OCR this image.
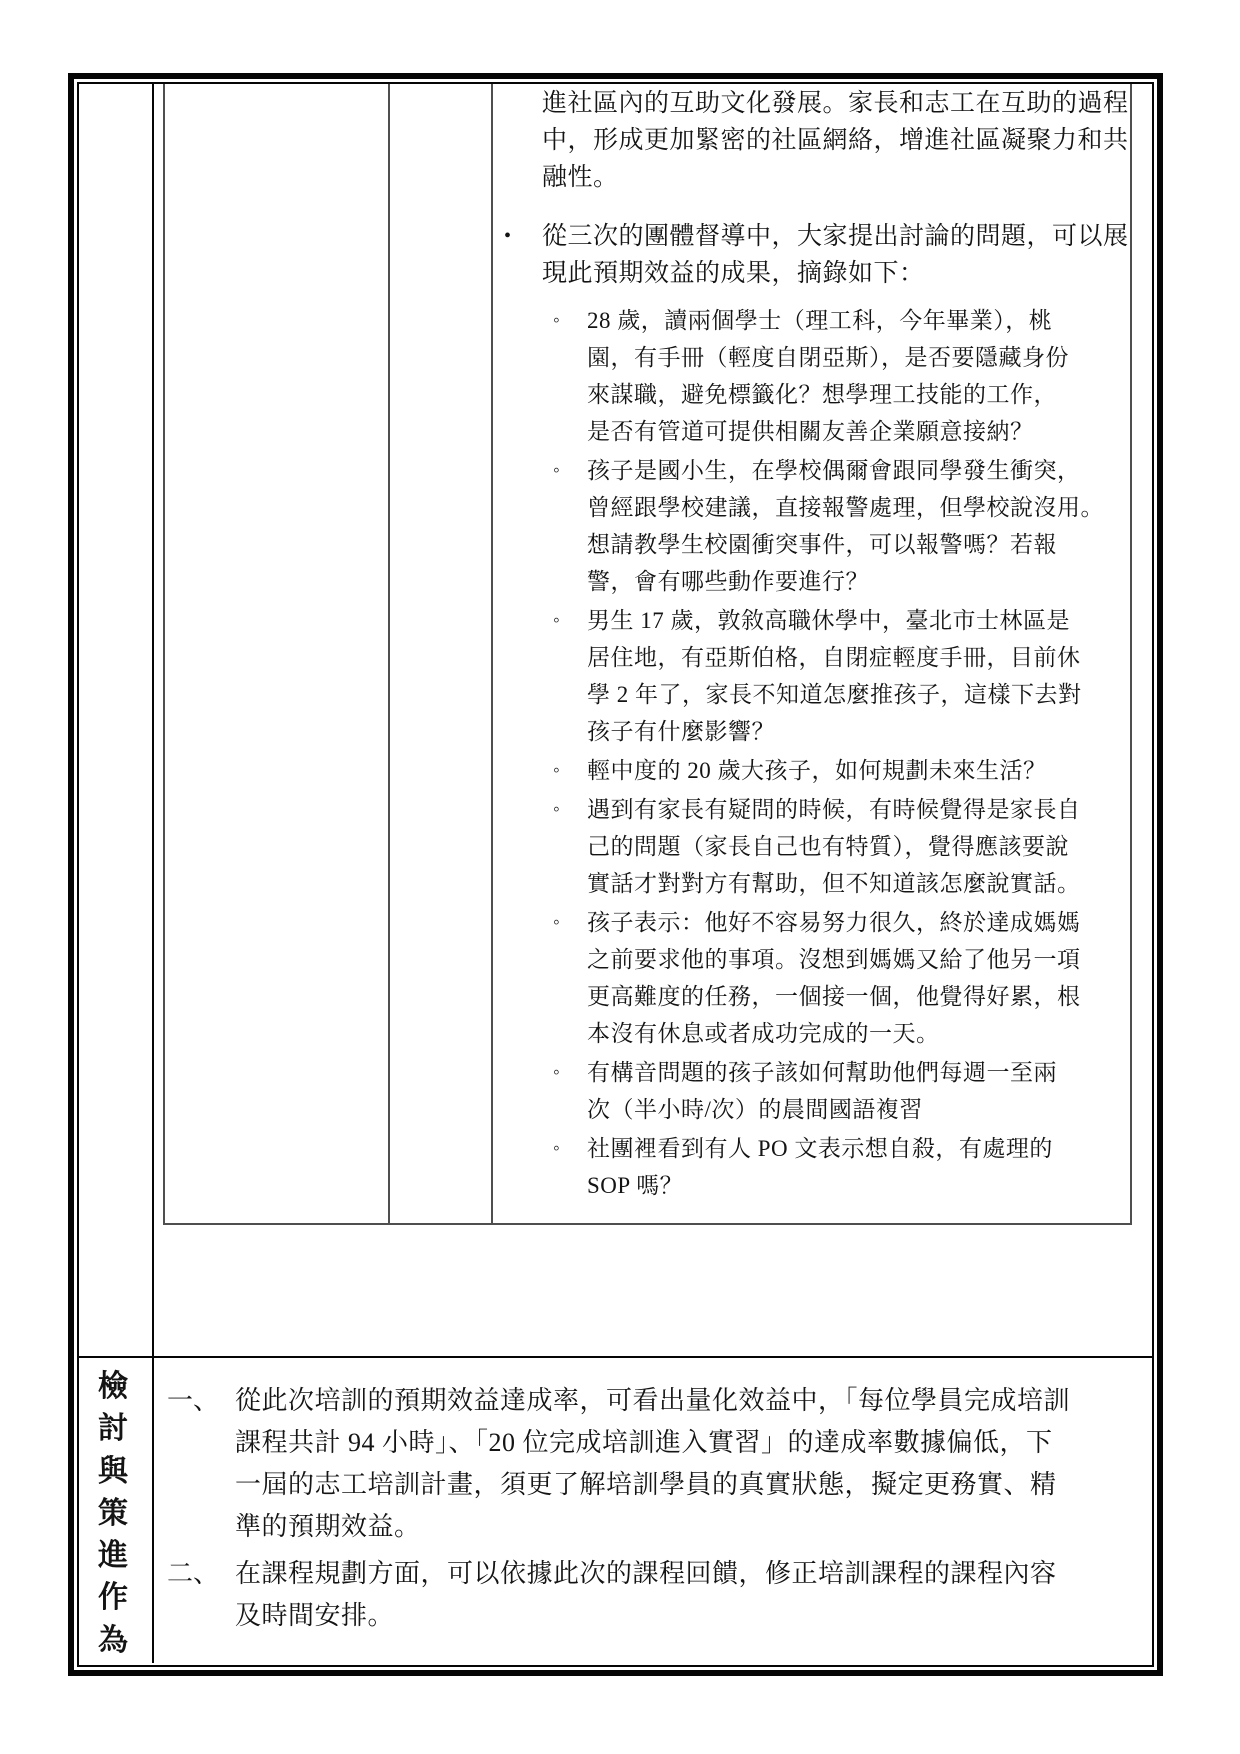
進社區內的互助文化發展。家長和志工在互助的過程
中，形成更加緊密的社區網絡，增進社區凝聚力和共
融性。
• 從三次的團體督導中，大家提出討論的問題，可以展
現此預期效益的成果，摘錄如下：
◦ 28 歲，讀兩個學士（理工科，今年畢業），桃
園，有手冊（輕度自閉亞斯），是否要隱藏身份
來謀職，避免標籤化？想學理工技能的工作，
是否有管道可提供相關友善企業願意接納？
◦ 孩子是國小生，在學校偶爾會跟同學發生衝突，
曾經跟學校建議，直接報警處理，但學校說沒用。
想請教學生校園衝突事件，可以報警嗎？若報
警，會有哪些動作要進行？
◦ 男生 17 歲，敦敘高職休學中，臺北市士林區是
居住地，有亞斯伯格，自閉症輕度手冊，目前休
學 2 年了，家長不知道怎麼推孩子，這樣下去對
孩子有什麼影響？
◦ 輕中度的 20 歲大孩子，如何規劃未來生活？
◦ 遇到有家長有疑問的時候，有時候覺得是家長自
己的問題（家長自己也有特質），覺得應該要說
實話才對對方有幫助，但不知道該怎麼說實話。
◦ 孩子表示：他好不容易努力很久，終於達成媽媽
之前要求他的事項。沒想到媽媽又給了他另一項
更高難度的任務，一個接一個，他覺得好累，根
本沒有休息或者成功完成的一天。
◦ 有構音問題的孩子該如何幫助他們每週一至兩
次（半小時/次）的晨間國語複習
◦ 社團裡看到有人 PO 文表示想自殺，有處理的
SOP 嗎？
檢
討
與
策
進
作
為
一、 從此次培訓的預期效益達成率，可看出量化效益中，「每位學員完成培訓
課程共計 94 小時」、「20 位完成培訓進入實習」的達成率數據偏低，下
一屆的志工培訓計畫，須更了解培訓學員的真實狀態，擬定更務實、精
準的預期效益。
二、 在課程規劃方面，可以依據此次的課程回饋，修正培訓課程的課程內容
及時間安排。
